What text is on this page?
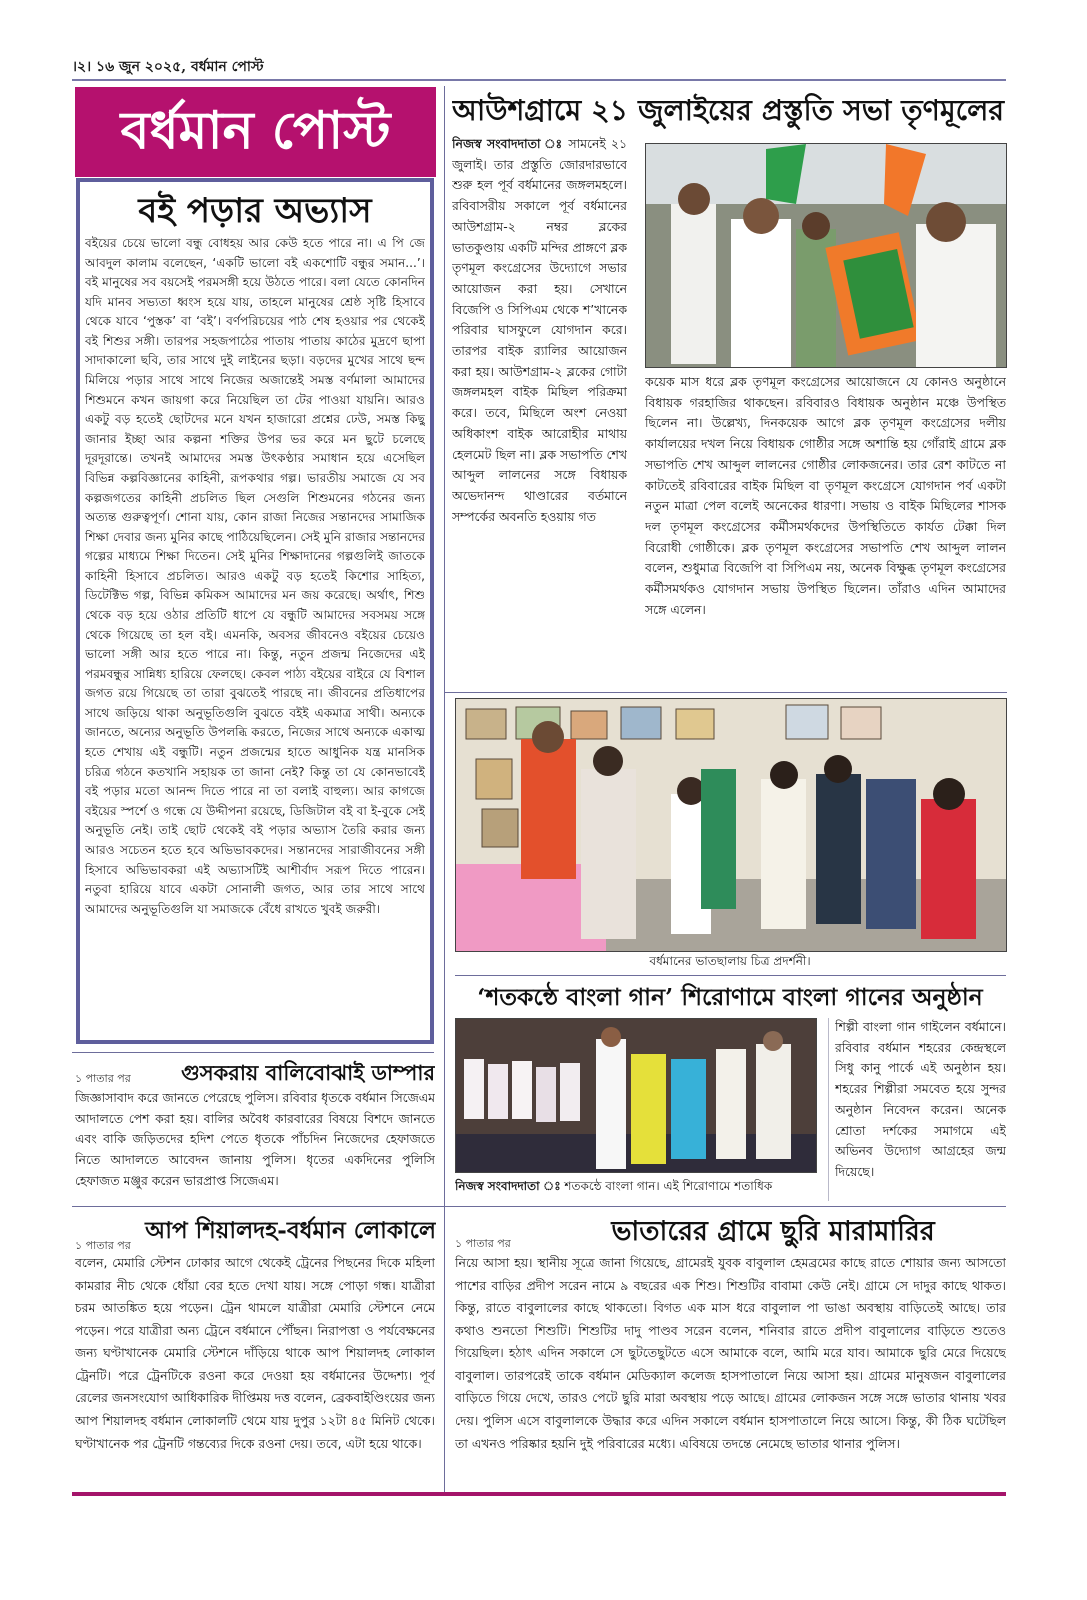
।২। ১৬ জুন ২০২৫, বর্ধমান পোস্ট
বর্ধমান পোস্ট
বই পড়ার অভ্যাস

বইয়ের চেয়ে ভালো বন্ধু বোধহয় আর কেউ হতে পারে না। এ পি জে আবদুল কালাম বলেছেন, ‘একটি ভালো বই একশোটি বন্ধুর সমান...’। বই মানুষের সব বয়সেই পরমসঙ্গী হয়ে উঠতে পারে। বলা যেতে কোনদিন যদি মানব সভ্যতা ধ্বংস হয়ে যায়, তাহলে মানুষের শ্রেষ্ঠ সৃষ্টি হিসাবে থেকে যাবে ‘পুস্তক’ বা ‘বই’। বর্ণপরিচয়ের পাঠ শেষ হওয়ার পর থেকেই বই শিশুর সঙ্গী। তারপর সহজপাঠের পাতায় পাতায় কাঠের মুদ্রণে ছাপা সাদাকালো ছবি, তার সাথে দুই লাইনের ছড়া। বড়দের মুখের সাথে ছন্দ মিলিয়ে পড়ার সাথে সাথে নিজের অজান্তেই সমস্ত বর্ণমালা আমাদের শিশুমনে কখন জায়গা করে নিয়েছিল তা টের পাওয়া যায়নি। আরও একটু বড় হতেই ছোটদের মনে যখন হাজারো প্রশ্নের ঢেউ, সমস্ত কিছু জানার ইচ্ছা আর কল্পনা শক্তির উপর ভর করে মন ছুটে চলেছে দূরদূরান্তে। তখনই আমাদের সমস্ত উৎকণ্ঠার সমাধান হয়ে এসেছিল বিভিন্ন কল্পবিজ্ঞানের কাহিনী, রূপকথার গল্প। ভারতীয় সমাজে যে সব কল্পজগতের কাহিনী প্রচলিত ছিল সেগুলি শিশুমনের গঠনের জন্য অত্যন্ত গুরুত্বপূর্ণ। শোনা যায়, কোন রাজা নিজের সন্তানদের সামাজিক শিক্ষা দেবার জন্য মুনির কাছে পাঠিয়েছিলেন। সেই মুনি রাজার সন্তানদের গল্পের মাধ্যমে শিক্ষা দিতেন। সেই মুনির শিক্ষাদানের গল্পগুলিই জাতকে কাহিনী হিসাবে প্রচলিত। আরও একটু বড় হতেই কিশোর সাহিত্য, ডিটেক্টিভ গল্প, বিভিন্ন কমিকস আমাদের মন জয় করেছে। অর্থাৎ, শিশু থেকে বড় হয়ে ওঠার প্রতিটি ধাপে যে বন্ধুটি আমাদের সবসময় সঙ্গে থেকে গিয়েছে তা হল বই। এমনকি, অবসর জীবনেও বইয়ের চেয়েও ভালো সঙ্গী আর হতে পারে না। কিন্তু, নতুন প্রজন্ম নিজেদের এই পরমবন্ধুর সান্নিধ্য হারিয়ে ফেলছে। কেবল পাঠ্য বইয়ের বাইরে যে বিশাল জগত রয়ে গিয়েছে তা তারা বুঝতেই পারছে না। জীবনের প্রতিধাপের সাথে জড়িয়ে থাকা অনুভূতিগুলি বুঝতে বইই একমাত্র সাথী। অন্যকে জানতে, অন্যের অনুভূতি উপলব্ধি করতে, নিজের সাথে অন্যকে একাত্ম হতে শেখায় এই বন্ধুটি। নতুন প্রজন্মের হাতে আধুনিক যন্ত্র মানসিক চরিত্র গঠনে কতখানি সহায়ক তা জানা নেই? কিন্তু তা যে কোনভাবেই বই পড়ার মতো আনন্দ দিতে পারে না তা বলাই বাহুল্য। আর কাগজে বইয়ের স্পর্শে ও গন্ধে যে উদ্দীপনা রয়েছে, ডিজিটাল বই বা ই-বুকে সেই অনুভূতি নেই। তাই ছোট থেকেই বই পড়ার অভ্যাস তৈরি করার জন্য আরও সচেতন হতে হবে অভিভাবকদের। সন্তানদের সারাজীবনের সঙ্গী হিসাবে অভিভাবকরা এই অভ্যাসটিই আশীর্বাদ সরূপ দিতে পারেন। নতুবা হারিয়ে যাবে একটা সোনালী জগত, আর তার সাথে সাথে আমাদের অনুভূতিগুলি যা সমাজকে বেঁধে রাখতে খুবই জরুরী।

আউশগ্রামে ২১ জুলাইয়ের প্রস্তুতি সভা তৃণমূলের

নিজস্ব সংবাদদাতা ঃ সামনেই ২১ জুলাই। তার প্রস্তুতি জোরদারভাবে শুরু হল পূর্ব বর্ধমানের জঙ্গলমহলে। রবিবাসরীয় সকালে পূর্ব বর্ধমানের আউশগ্রাম-২ নম্বর ব্লকের ভাতকুণ্ডায় একটি মন্দির প্রাঙ্গণে ব্লক তৃণমূল কংগ্রেসের উদ্যোগে সভার আয়োজন করা হয়। সেখানে বিজেপি ও সিপিএম থেকে শ’খানেক পরিবার ঘাসফুলে যোগদান করে। তারপর বাইক র‍্যালির আয়োজন করা হয়। আউশগ্রাম-২ ব্লকের গোটা জঙ্গলমহল বাইক মিছিল পরিক্রমা করে। তবে, মিছিলে অংশ নেওয়া অধিকাংশ বাইক আরোহীর মাথায় হেলমেট ছিল না। ব্লক সভাপতি শেখ আব্দুল লালনের সঙ্গে বিধায়ক অভেদানন্দ থাণ্ডারের বর্তমানে সম্পর্কের অবনতি হওয়ায় গত

কয়েক মাস ধরে ব্লক তৃণমূল কংগ্রেসের আয়োজনে যে কোনও অনুষ্ঠানে বিধায়ক গরহাজির থাকছেন। রবিবারও বিধায়ক অনুষ্ঠান মঞ্চে উপস্থিত ছিলেন না। উল্লেখ্য, দিনকয়েক আগে ব্লক তৃণমূল কংগ্রেসের দলীয় কার্যালয়ের দখল নিয়ে বিধায়ক গোষ্ঠীর সঙ্গে অশান্তি হয় গোঁরাই গ্রামে ব্লক সভাপতি শেখ আব্দুল লালনের গোষ্ঠীর লোকজনের। তার রেশ কাটতে না কাটতেই রবিবারের বাইক মিছিল বা তৃণমূল কংগ্রেসে যোগদান পর্ব একটা নতুন মাত্রা পেল বলেই অনেকের ধারণা। সভায় ও বাইক মিছিলের শাসক দল তৃণমূল কংগ্রেসের কর্মীসমর্থকদের উপস্থিতিতে কার্যত টেক্কা দিল বিরোধী গোষ্ঠীকে। ব্লক তৃণমূল কংগ্রেসের সভাপতি শেখ আব্দুল লালন বলেন, শুধুমাত্র বিজেপি বা সিপিএম নয়, অনেক বিক্ষুব্ধ তৃণমূল কংগ্রেসের কর্মীসমর্থকও যোগদান সভায় উপস্থিত ছিলেন। তাঁরাও এদিন আমাদের সঙ্গে এলেন।

বর্ধমানের ভাতছালায় চিত্র প্রদর্শনী।
‘শতকন্ঠে বাংলা গান’ শিরোণামে বাংলা গানের অনুষ্ঠান

শিল্পী বাংলা গান গাইলেন বর্ধমানে। রবিবার বর্ধমান শহরের কেন্দ্রস্থলে সিধু কানু পার্কে এই অনুষ্ঠান হয়। শহরের শিল্পীরা সমবেত হয়ে সুন্দর অনুষ্ঠান নিবেদন করেন। অনেক শ্রোতা দর্শকের সমাগমে এই অভিনব উদ্যোগ আগ্রহের জন্ম দিয়েছে।

নিজস্ব সংবাদদাতা ঃ শতকন্ঠে বাংলা গান। এই শিরোণামে শতাধিক
১ পাতার পর	গুসকরায় বালিবোঝাই ডাম্পার

জিজ্ঞাসাবাদ করে জানতে পেরেছে পুলিস। রবিবার ধৃতকে বর্ধমান সিজেএম আদালতে পেশ করা হয়। বালির অবৈধ কারবারের বিষয়ে বিশদে জানতে এবং বাকি জড়িতদের হদিশ পেতে ধৃতকে পাঁচদিন নিজেদের হেফাজতে নিতে আদালতে আবেদন জানায় পুলিস। ধৃতের একদিনের পুলিসি হেফাজত মঞ্জুর করেন ভারপ্রাপ্ত সিজেএম।

১ পাতার পর
আপ শিয়ালদহ-বর্ধমান লোকালে

বলেন, মেমারি স্টেশন ঢোকার আগে থেকেই ট্রেনের পিছনের দিকে মহিলা কামরার নীচ থেকে ধোঁয়া বের হতে দেখা যায়। সঙ্গে পোড়া গন্ধ। যাত্রীরা চরম আতঙ্কিত হয়ে পড়েন। ট্রেন থামলে যাত্রীরা মেমারি স্টেশনে নেমে পড়েন। পরে যাত্রীরা অন্য ট্রেনে বর্ধমানে পৌঁছন। নিরাপত্তা ও পর্যবেক্ষনের জন্য ঘণ্টাখানেক মেমারি স্টেশনে দাঁড়িয়ে থাকে আপ শিয়ালদহ লোকাল ট্রেনটি। পরে ট্রেনটিকে রওনা করে দেওয়া হয় বর্ধমানের উদ্দেশ্য। পূর্ব রেলের জনসংযোগ আধিকারিক দীপ্তিময় দত্ত বলেন, ব্রেকবাইণ্ডিংয়ের জন্য আপ শিয়ালদহ বর্ধমান লোকালটি থেমে যায় দুপুর ১২টা ৪৫ মিনিট থেকে। ঘণ্টাখানেক পর ট্রেনটি গন্তব্যের দিকে রওনা দেয়। তবে, এটা হয়ে থাকে।

১ পাতার পর	ভাতারের গ্রামে ছুরি মারামারির

নিয়ে আসা হয়। স্থানীয় সূত্রে জানা গিয়েছে, গ্রামেরই যুবক বাবুলাল হেমব্রমের কাছে রাতে শোয়ার জন্য আসতো পাশের বাড়ির প্রদীপ সরেন নামে ৯ বছরের এক শিশু। শিশুটির বাবামা কেউ নেই। গ্রামে সে দাদুর কাছে থাকত। কিন্তু, রাতে বাবুলালের কাছে থাকতো। বিগত এক মাস ধরে বাবুলাল পা ভাঙা অবস্থায় বাড়িতেই আছে। তার কথাও শুনতো শিশুটি। শিশুটির দাদু পাণ্ডব সরেন বলেন, শনিবার রাতে প্রদীপ বাবুলালের বাড়িতে শুতেও গিয়েছিল। হঠাৎ এদিন সকালে সে ছুটতেছুটতে এসে আমাকে বলে, আমি মরে যাব। আমাকে ছুরি মেরে দিয়েছে বাবুলাল। তারপরেই তাকে বর্ধমান মেডিক্যাল কলেজ হাসপাতালে নিয়ে আসা হয়। গ্রামের মানুষজন বাবুলালের বাড়িতে গিয়ে দেখে, তারও পেটে ছুরি মারা অবস্থায় পড়ে আছে। গ্রামের লোকজন সঙ্গে সঙ্গে ভাতার থানায় খবর দেয়। পুলিস এসে বাবুলালকে উদ্ধার করে এদিন সকালে বর্ধমান হাসপাতালে নিয়ে আসে। কিন্তু, কী ঠিক ঘটেছিল তা এখনও পরিষ্কার হয়নি দুই পরিবারের মধ্যে। এবিষয়ে তদন্তে নেমেছে ভাতার থানার পুলিস।
